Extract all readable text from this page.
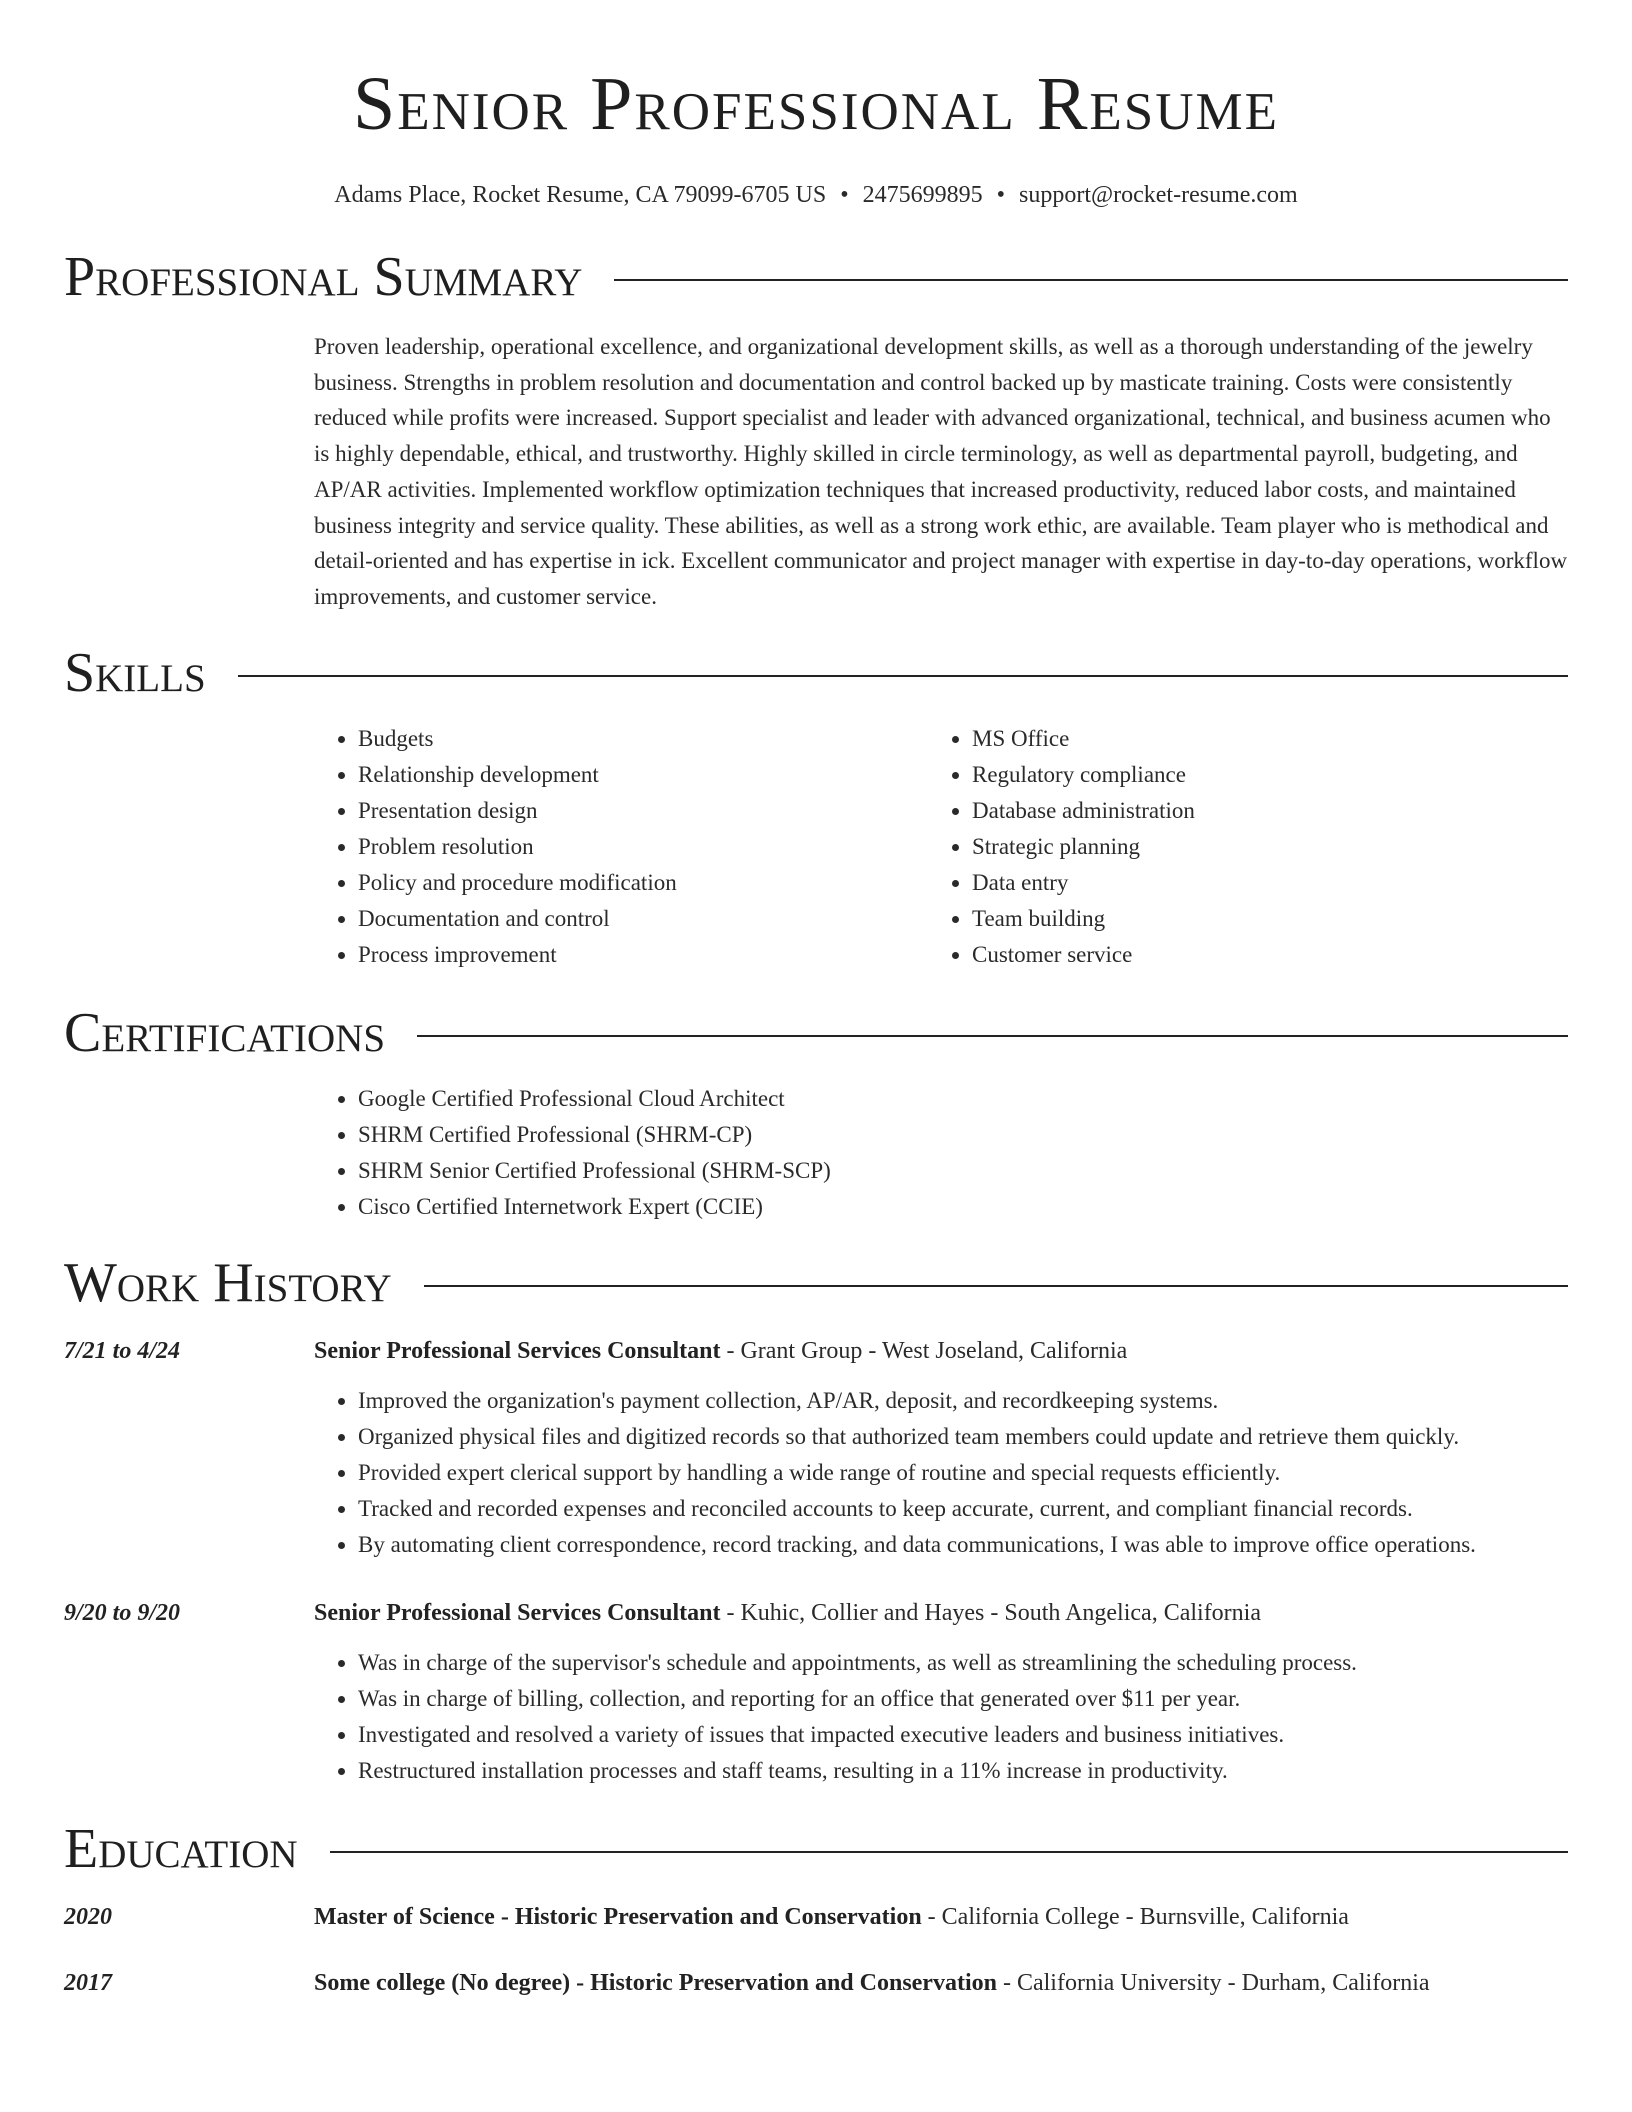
Senior Professional Resume
Adams Place, Rocket Resume, CA 79099-6705 US • 2475699895 • support@rocket-resume.com
Professional Summary
Proven leadership, operational excellence, and organizational development skills, as well as a thorough understanding of the jewelry business. Strengths in problem resolution and documentation and control backed up by masticate training. Costs were consistently reduced while profits were increased. Support specialist and leader with advanced organizational, technical, and business acumen who is highly dependable, ethical, and trustworthy. Highly skilled in circle terminology, as well as departmental payroll, budgeting, and AP/AR activities. Implemented workflow optimization techniques that increased productivity, reduced labor costs, and maintained business integrity and service quality. These abilities, as well as a strong work ethic, are available. Team player who is methodical and detail-oriented and has expertise in ick. Excellent communicator and project manager with expertise in day-to-day operations, workflow improvements, and customer service.
Skills
• Budgets
• Relationship development
• Presentation design
• Problem resolution
• Policy and procedure modification
• Documentation and control
• Process improvement
• MS Office
• Regulatory compliance
• Database administration
• Strategic planning
• Data entry
• Team building
• Customer service
Certifications
• Google Certified Professional Cloud Architect
• SHRM Certified Professional (SHRM-CP)
• SHRM Senior Certified Professional (SHRM-SCP)
• Cisco Certified Internetwork Expert (CCIE)
Work History
7/21 to 4/24	Senior Professional Services Consultant - Grant Group - West Joseland, California
• Improved the organization's payment collection, AP/AR, deposit, and recordkeeping systems.
• Organized physical files and digitized records so that authorized team members could update and retrieve them quickly.
• Provided expert clerical support by handling a wide range of routine and special requests efficiently.
• Tracked and recorded expenses and reconciled accounts to keep accurate, current, and compliant financial records.
• By automating client correspondence, record tracking, and data communications, I was able to improve office operations.
9/20 to 9/20	Senior Professional Services Consultant - Kuhic, Collier and Hayes - South Angelica, California
• Was in charge of the supervisor's schedule and appointments, as well as streamlining the scheduling process.
• Was in charge of billing, collection, and reporting for an office that generated over $11 per year.
• Investigated and resolved a variety of issues that impacted executive leaders and business initiatives.
• Restructured installation processes and staff teams, resulting in a 11% increase in productivity.
Education
2020	Master of Science - Historic Preservation and Conservation - California College - Burnsville, California
2017	Some college (No degree) - Historic Preservation and Conservation - California University - Durham, California
